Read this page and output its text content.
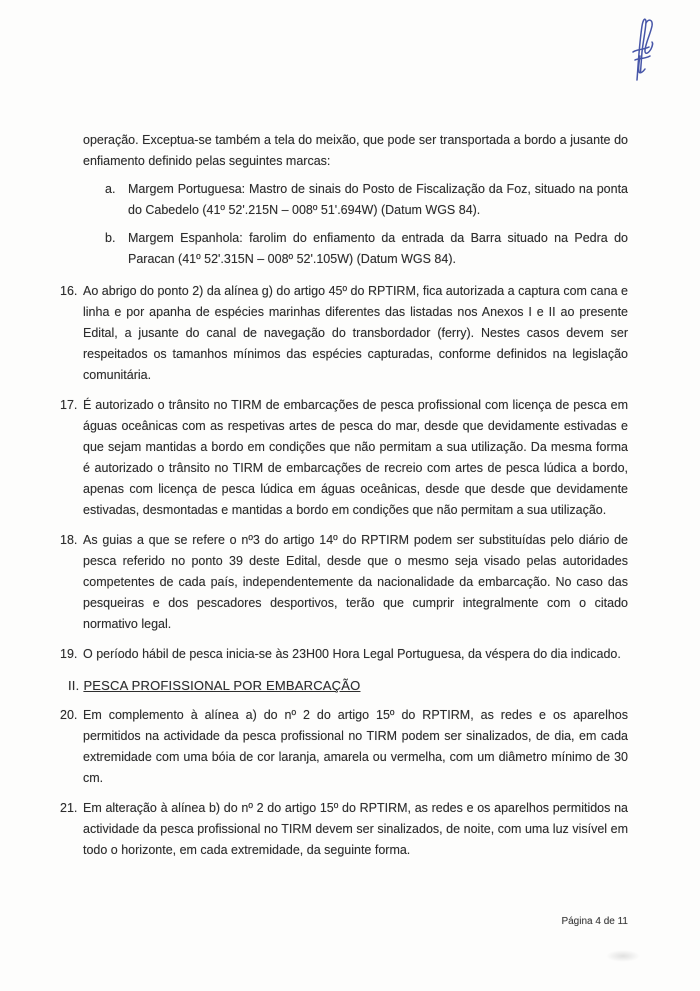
operação. Exceptua-se também a tela do meixão, que pode ser transportada a bordo a jusante do enfiamento definido pelas seguintes marcas:

a.	Margem Portuguesa: Mastro de sinais do Posto de Fiscalização da Foz, situado na ponta do Cabedelo (41º 52'.215N – 008º 51'.694W) (Datum WGS 84).

b.	Margem Espanhola: farolim do enfiamento da entrada da Barra situado na Pedra do Paracan (41º 52'.315N – 008º 52'.105W) (Datum WGS 84).

16. Ao abrigo do ponto 2) da alínea g) do artigo 45º do RPTIRM, fica autorizada a captura com cana e linha e por apanha de espécies marinhas diferentes das listadas nos Anexos I e II ao presente Edital, a jusante do canal de navegação do transbordador (ferry). Nestes casos devem ser respeitados os tamanhos mínimos das espécies capturadas, conforme definidos na legislação comunitária.

17. É autorizado o trânsito no TIRM de embarcações de pesca profissional com licença de pesca em águas oceânicas com as respetivas artes de pesca do mar, desde que devidamente estivadas e que sejam mantidas a bordo em condições que não permitam a sua utilização. Da mesma forma é autorizado o trânsito no TIRM de embarcações de recreio com artes de pesca lúdica a bordo, apenas com licença de pesca lúdica em águas oceânicas, desde que desde que devidamente estivadas, desmontadas e mantidas a bordo em condições que não permitam a sua utilização.

18. As guias a que se refere o nº3 do artigo 14º do RPTIRM podem ser substituídas pelo diário de pesca referido no ponto 39 deste Edital, desde que o mesmo seja visado pelas autoridades competentes de cada país, independentemente da nacionalidade da embarcação. No caso das pesqueiras e dos pescadores desportivos, terão que cumprir integralmente com o citado normativo legal.

19. O período hábil de pesca inicia-se às 23H00 Hora Legal Portuguesa, da véspera do dia indicado.

II. PESCA PROFISSIONAL POR EMBARCAÇÃO
20. Em complemento à alínea a) do nº 2 do artigo 15º do RPTIRM, as redes e os aparelhos permitidos na actividade da pesca profissional no TIRM podem ser sinalizados, de dia, em cada extremidade com uma bóia de cor laranja, amarela ou vermelha, com um diâmetro mínimo de 30 cm.

21. Em alteração à alínea b) do nº 2 do artigo 15º do RPTIRM, as redes e os aparelhos permitidos na actividade da pesca profissional no TIRM devem ser sinalizados, de noite, com uma luz visível em todo o horizonte, em cada extremidade, da seguinte forma.

Página 4 de 11
